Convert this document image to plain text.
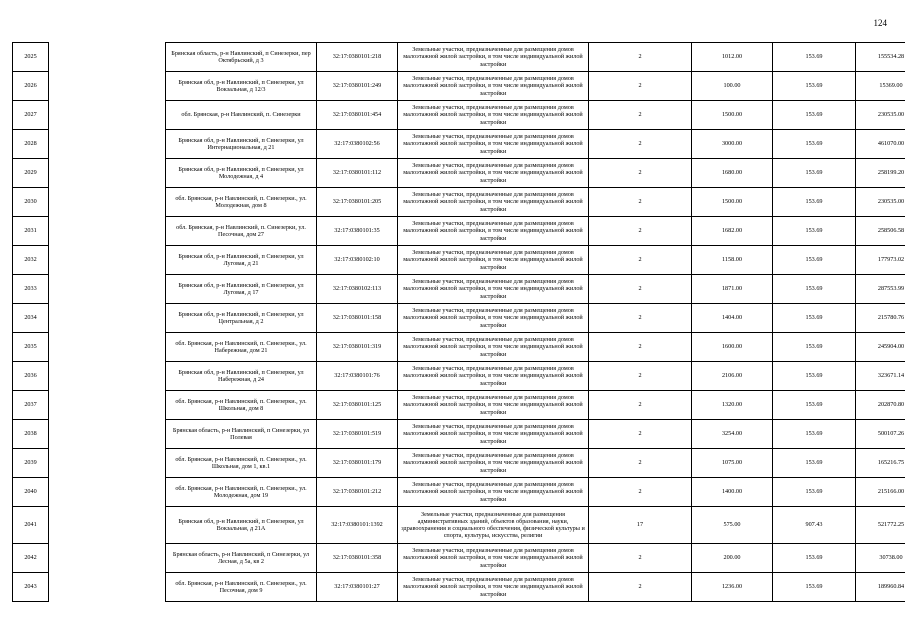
124
2025		Брянская область, р-н Навлинский, п Синезерки, пер Октябрьский, д 3	32:17:0380101:218	Земельные участки, предназначенные для размещения домов малоэтажной жилой застройки, в том числе индивидуальной жилой застройки	2	1012.00	153.69	155534.28
2026		Брянская обл, р-н Навлинский, п Синезерки, ул Вокзальная, д 12/3	32:17:0380101:249	Земельные участки, предназначенные для размещения домов малоэтажной жилой застройки, в том числе индивидуальной жилой застройки	2	100.00	153.69	15369.00
2027		обл. Брянская, р-н Навлинский, п. Синезерки	32:17:0380101:454	Земельные участки, предназначенные для размещения домов малоэтажной жилой застройки, в том числе индивидуальной жилой застройки	2	1500.00	153.69	230535.00
2028		Брянская обл, р-н Навлинский, п Синезерки, ул Интернациональная, д 21	32:17:0380102:56	Земельные участки, предназначенные для размещения домов малоэтажной жилой застройки, в том числе индивидуальной жилой застройки	2	3000.00	153.69	461070.00
2029		Брянская обл, р-н Навлинский, п Синезерки, ул Молодежная, д 4	32:17:0380101:112	Земельные участки, предназначенные для размещения домов малоэтажной жилой застройки, в том числе индивидуальной жилой застройки	2	1680.00	153.69	258199.20
2030		обл. Брянская, р-н Навлинский, п. Синезерки., ул. Молодежная, дом 8	32:17:0380101:205	Земельные участки, предназначенные для размещения домов малоэтажной жилой застройки, в том числе индивидуальной жилой застройки	2	1500.00	153.69	230535.00
2031		обл. Брянская, р-н Навлинский, п. Синезерки, ул. Песочная, дом 27	32:17:0380101:35	Земельные участки, предназначенные для размещения домов малоэтажной жилой застройки, в том числе индивидуальной жилой застройки	2	1682.00	153.69	258506.58
2032		Брянская обл, р-н Навлинский, п Синезерки, ул Луговая, д 21	32:17:0380102:10	Земельные участки, предназначенные для размещения домов малоэтажной жилой застройки, в том числе индивидуальной жилой застройки	2	1158.00	153.69	177973.02
2033		Брянская обл, р-н Навлинский, п Синезерки, ул Луговая, д 17	32:17:0380102:113	Земельные участки, предназначенные для размещения домов малоэтажной жилой застройки, в том числе индивидуальной жилой застройки	2	1871.00	153.69	287553.99
2034		Брянская обл, р-н Навлинский, п Синезерки, ул Центральная, д 2	32:17:0380101:158	Земельные участки, предназначенные для размещения домов малоэтажной жилой застройки, в том числе индивидуальной жилой застройки	2	1404.00	153.69	215780.76
2035		обл. Брянская, р-н Навлинский, п. Синезерки., ул. Набережная, дом 21	32:17:0380101:319	Земельные участки, предназначенные для размещения домов малоэтажной жилой застройки, в том числе индивидуальной жилой застройки	2	1600.00	153.69	245904.00
2036		Брянская обл, р-н Навлинский, п Синезерки, ул Набережная, д 24	32:17:0380101:76	Земельные участки, предназначенные для размещения домов малоэтажной жилой застройки, в том числе индивидуальной жилой застройки	2	2106.00	153.69	323671.14
2037		обл. Брянская, р-н Навлинский, п. Синезерки., ул. Школьная, дом 8	32:17:0380101:125	Земельные участки, предназначенные для размещения домов малоэтажной жилой застройки, в том числе индивидуальной жилой застройки	2	1320.00	153.69	202870.80
2038		Брянская область, р-н Навлинский, п Синезерки, ул Полевая	32:17:0380101:519	Земельные участки, предназначенные для размещения домов малоэтажной жилой застройки, в том числе индивидуальной жилой застройки	2	3254.00	153.69	500107.26
2039		обл. Брянская, р-н Навлинский, п. Синезерки., ул. Школьная, дом 1, кв.1	32:17:0380101:179	Земельные участки, предназначенные для размещения домов малоэтажной жилой застройки, в том числе индивидуальной жилой застройки	2	1075.00	153.69	165216.75
2040		обл. Брянская, р-н Навлинский, п. Синезерки., ул. Молодежная, дом 19	32:17:0380101:212	Земельные участки, предназначенные для размещения домов малоэтажной жилой застройки, в том числе индивидуальной жилой застройки	2	1400.00	153.69	215166.00
2041		Брянская обл, р-н Навлинский, п Синезерки, ул Вокзальная, д 21А	32:17:0380101:1392	Земельные участки, предназначенные для размещения административных зданий, объектов образования, науки, здравоохранения и социального обеспечения, физической культуры и спорта, культуры, искусства, религии	17	575.00	907.43	521772.25
2042		Брянская область, р-н Навлинский, п Синезерки, ул Лесная, д 5а, кв 2	32:17:0380101:358	Земельные участки, предназначенные для размещения домов малоэтажной жилой застройки, в том числе индивидуальной жилой застройки	2	200.00	153.69	30738.00
2043		обл. Брянская, р-н Навлинский, п. Синезерки., ул. Песочная, дом 9	32:17:0380101:27	Земельные участки, предназначенные для размещения домов малоэтажной жилой застройки, в том числе индивидуальной жилой застройки	2	1236.00	153.69	189960.84
